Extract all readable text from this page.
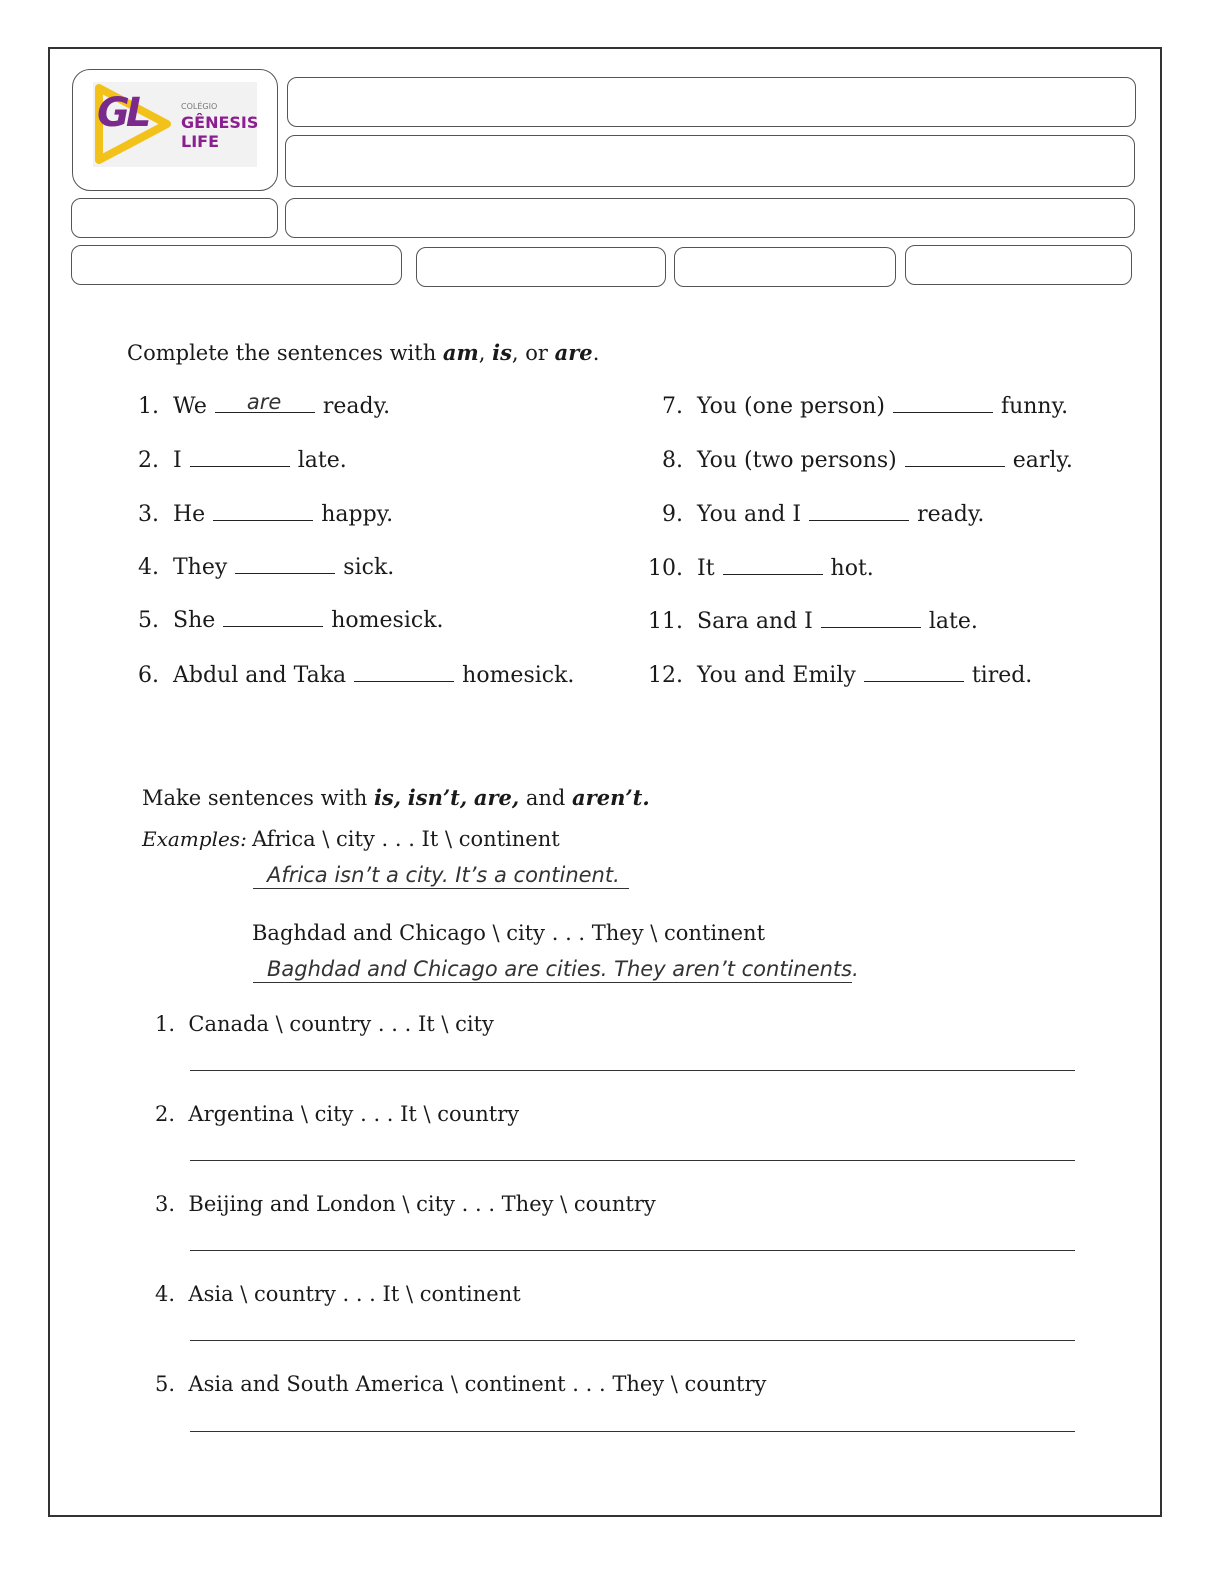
GL	COLÉGIO
GÊNESIS
LIFE
Complete the sentences with am, is, or are.
1. We are ready.
2. I	late.
3. He	happy.
4. They	sick.
5. She	homesick.
6. Abdul and Taka	homesick.
7. You (one person)	funny.
8. You (two persons)	early.
9. You and I	ready.
10. It	hot.
11. Sara and I	late.
12. You and Emily	tired.
Make sentences with is, isn’t, are, and aren’t.
Examples: Africa \ city . . . It \ continent
Africa isn’t a city. It’s a continent.
Baghdad and Chicago \ city . . . They \ continent
Baghdad and Chicago are cities. They aren’t continents.
1. Canada \ country . . . It \ city
2. Argentina \ city . . . It \ country
3. Beijing and London \ city . . . They \ country
4. Asia \ country . . . It \ continent
5. Asia and South America \ continent . . . They \ country
